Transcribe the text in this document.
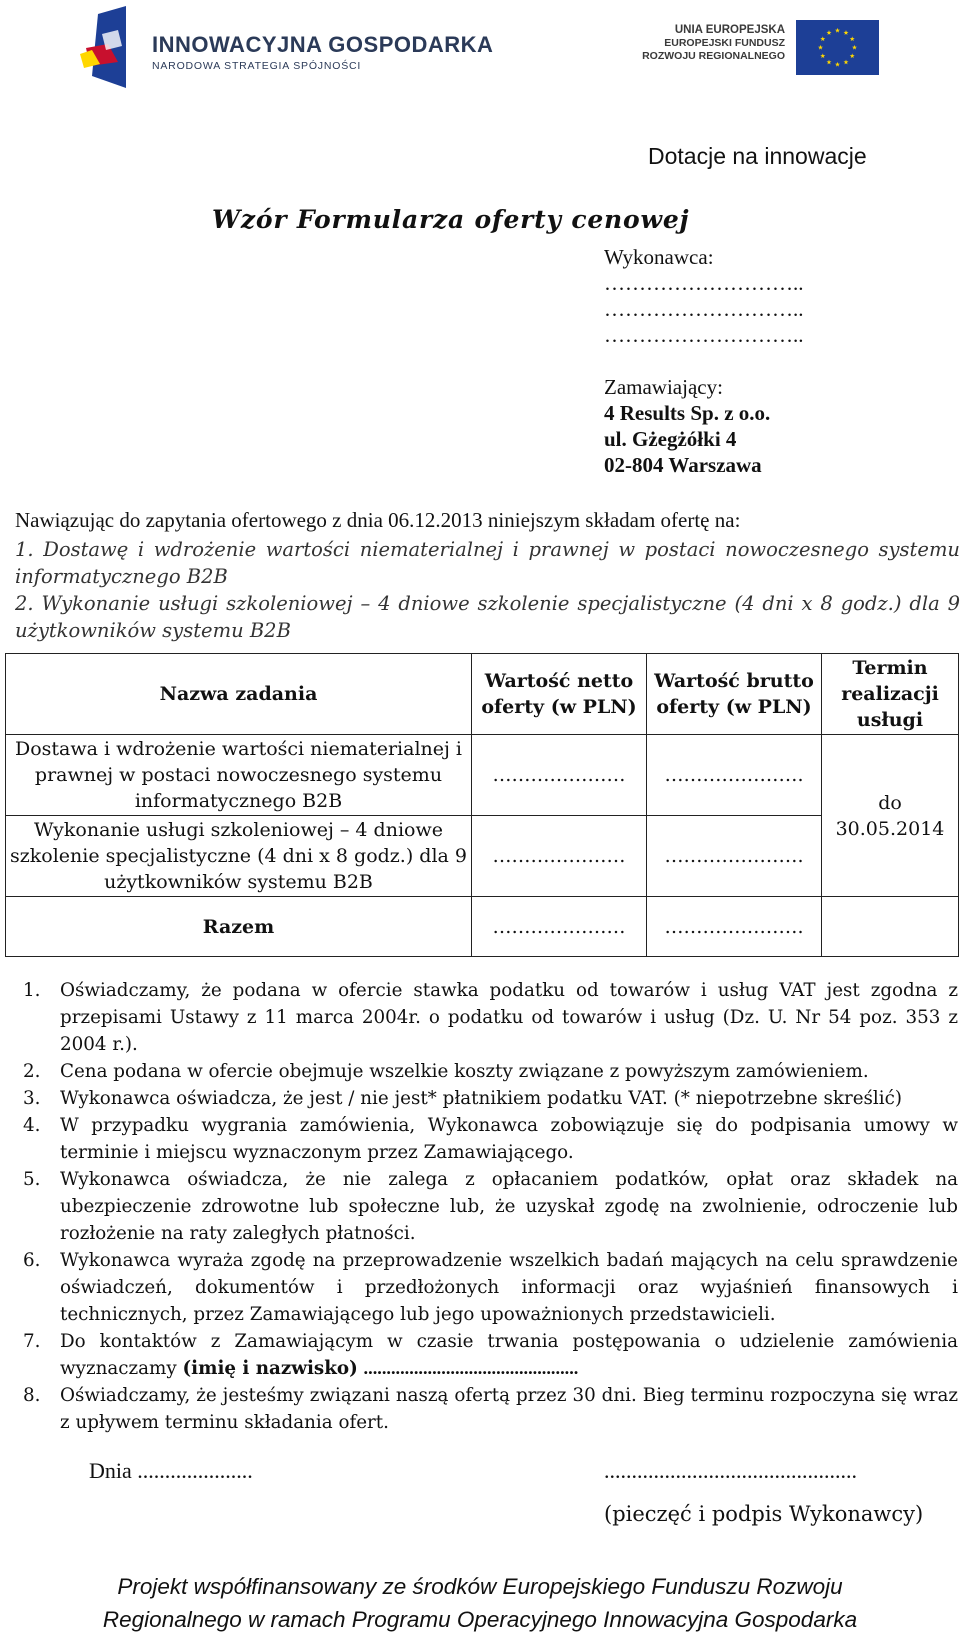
INNOWACYJNA GOSPODARKA
NARODOWA STRATEGIA SPÓJNOŚCI
UNIA EUROPEJSKA
EUROPEJSKI FUNDUSZ
ROZWOJU REGIONALNEGO
Dotacje na innowacje
Wzór Formularza oferty cenowej
Wykonawca:
………………………..
………………………..
………………………..
Zamawiający:
4 Results Sp. z o.o.
ul. Gżegżółki 4
02-804 Warszawa
Nawiązując do zapytania ofertowego z dnia 06.12.2013 niniejszym składam ofertę na:
1. Dostawę i wdrożenie wartości niematerialnej i prawnej w postaci nowoczesnego systemu informatycznego B2B
2. Wykonanie usługi szkoleniowej – 4 dniowe szkolenie specjalistyczne (4 dni x 8 godz.) dla 9 użytkowników systemu B2B
Nazwa zadania	Wartość netto oferty (w PLN)	Wartość brutto oferty (w PLN)	Termin realizacji usługi
Dostawa i wdrożenie wartości niematerialnej i prawnej w postaci nowoczesnego systemu informatycznego B2B	…………………	………………….	do 30.05.2014
Wykonanie usługi szkoleniowej – 4 dniowe szkolenie specjalistyczne (4 dni x 8 godz.) dla 9 użytkowników systemu B2B	…………………	………………….	
Razem	…………………	………………….	
1. Oświadczamy, że podana w ofercie stawka podatku od towarów i usług VAT jest zgodna z przepisami Ustawy z 11 marca 2004r. o podatku od towarów i usług (Dz. U. Nr 54 poz. 353 z 2004 r.).
2. Cena podana w ofercie obejmuje wszelkie koszty związane z powyższym zamówieniem.
3. Wykonawca oświadcza, że jest / nie jest* płatnikiem podatku VAT. (* niepotrzebne skreślić)
4. W przypadku wygrania zamówienia, Wykonawca zobowiązuje się do podpisania umowy w terminie i miejscu wyznaczonym przez Zamawiającego.
5. Wykonawca oświadcza, że nie zalega z opłacaniem podatków, opłat oraz składek na ubezpieczenie zdrowotne lub społeczne lub, że uzyskał zgodę na zwolnienie, odroczenie lub rozłożenie na raty zaległych płatności.
6. Wykonawca wyraża zgodę na przeprowadzenie wszelkich badań mających na celu sprawdzenie oświadczeń, dokumentów i przedłożonych informacji oraz wyjaśnień finansowych i technicznych, przez Zamawiającego lub jego upoważnionych przedstawicieli.
7. Do kontaktów z Zamawiającym w czasie trwania postępowania o udzielenie zamówienia wyznaczamy (imię i nazwisko) ...............................................
8. Oświadczamy, że jesteśmy związani naszą ofertą przez 30 dni. Bieg terminu rozpoczyna się wraz z upływem terminu składania ofert.
Dnia .....................	..............................................
(pieczęć i podpis Wykonawcy)
Projekt współfinansowany ze środków Europejskiego Funduszu Rozwoju
Regionalnego w ramach Programu Operacyjnego Innowacyjna Gospodarka
